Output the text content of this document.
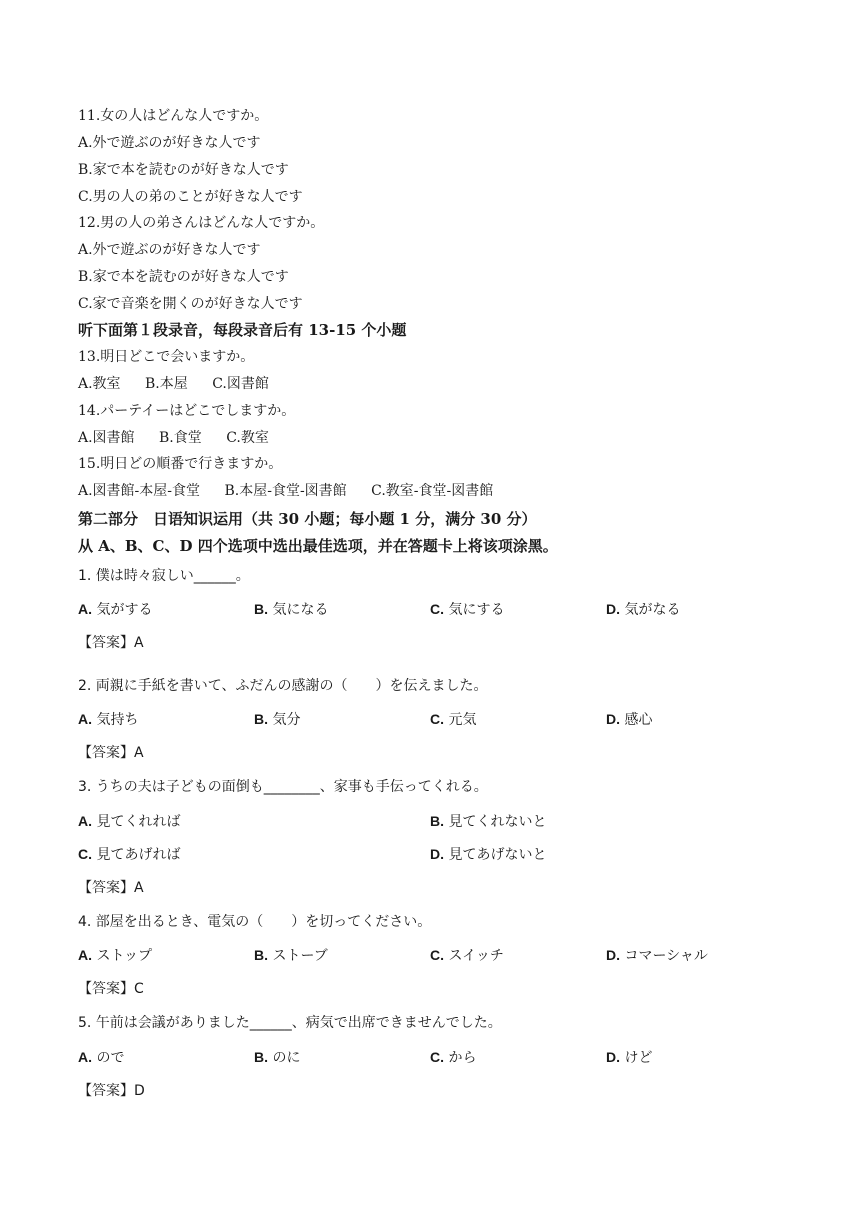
11.女の人はどんな人ですか。
A.外で遊ぶのが好きな人です
B.家で本を読むのが好きな人です
C.男の人の弟のことが好きな人です
12.男の人の弟さんはどんな人ですか。
A.外で遊ぶのが好きな人です
B.家で本を読むのが好きな人です
C.家で音楽を開くのが好きな人です
听下面第１段录音，每段录音后有 13-15 个小题
13.明日どこで会いますか。
A.教室 B.本屋 C.図書館
14.パーテイーはどこでしますか。
A.図書館 B.食堂 C.教室
15.明日どの順番で行きますか。
A.図書館-本屋-食堂 B.本屋-食堂-図書館 C.教室-食堂-図書館
第二部分　日语知识运用（共 30 小题；每小题 1 分，满分 30 分）
从 A、B、C、D 四个选项中选出最佳选项，并在答题卡上将该项涂黑。
1. 僕は時々寂しい______。
A. 気がする	B. 気になる	C. 気にする	D. 気がなる
【答案】A
2. 両親に手紙を書いて、ふだんの感謝の（　　）を伝えました。
A. 気持ち	B. 気分	C. 元気	D. 感心
【答案】A
3. うちの夫は子どもの面倒も________、家事も手伝ってくれる。
A. 見てくれれば	B. 見てくれないと
C. 見てあげれば	D. 見てあげないと
【答案】A
4. 部屋を出るとき、電気の（　　）を切ってください。
A. ストップ	B. ストーブ	C. スイッチ	D. コマーシャル
【答案】C
5. 午前は会議がありました______、病気で出席できませんでした。
A. ので	B. のに	C. から	D. けど
【答案】D
